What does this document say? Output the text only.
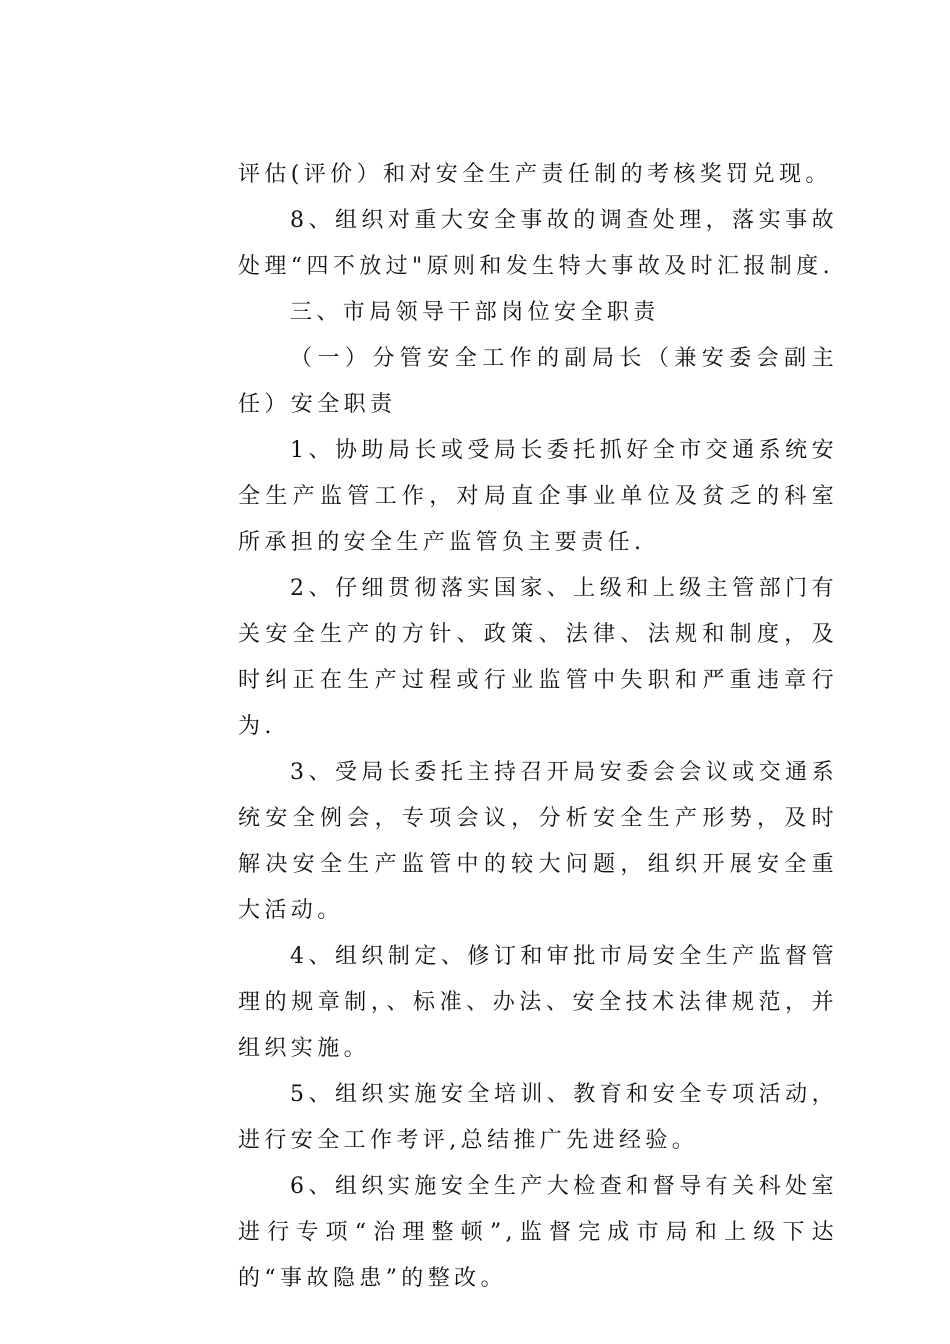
评估(评价）和对安全生产责任制的考核奖罚兑现。

8、组织对重大安全事故的调查处理，落实事故处理“四不放过"原则和发生特大事故及时汇报制度.

三、市局领导干部岗位安全职责

（一）分管安全工作的副局长（兼安委会副主任）安全职责

1、协助局长或受局长委托抓好全市交通系统安全生产监管工作，对局直企事业单位及贫乏的科室所承担的安全生产监管负主要责任.

2、仔细贯彻落实国家、上级和上级主管部门有关安全生产的方针、政策、法律、法规和制度，及时纠正在生产过程或行业监管中失职和严重违章行为.

3、受局长委托主持召开局安委会会议或交通系统安全例会，专项会议，分析安全生产形势，及时解决安全生产监管中的较大问题，组织开展安全重大活动。

4、组织制定、修订和审批市局安全生产监督管理的规章制，、标准、办法、安全技术法律规范，并组织实施。

5、组织实施安全培训、教育和安全专项活动，进行安全工作考评,总结推广先进经验。

6、组织实施安全生产大检查和督导有关科处室进行专项“治理整顿”,监督完成市局和上级下达的“事故隐患”的整改。
